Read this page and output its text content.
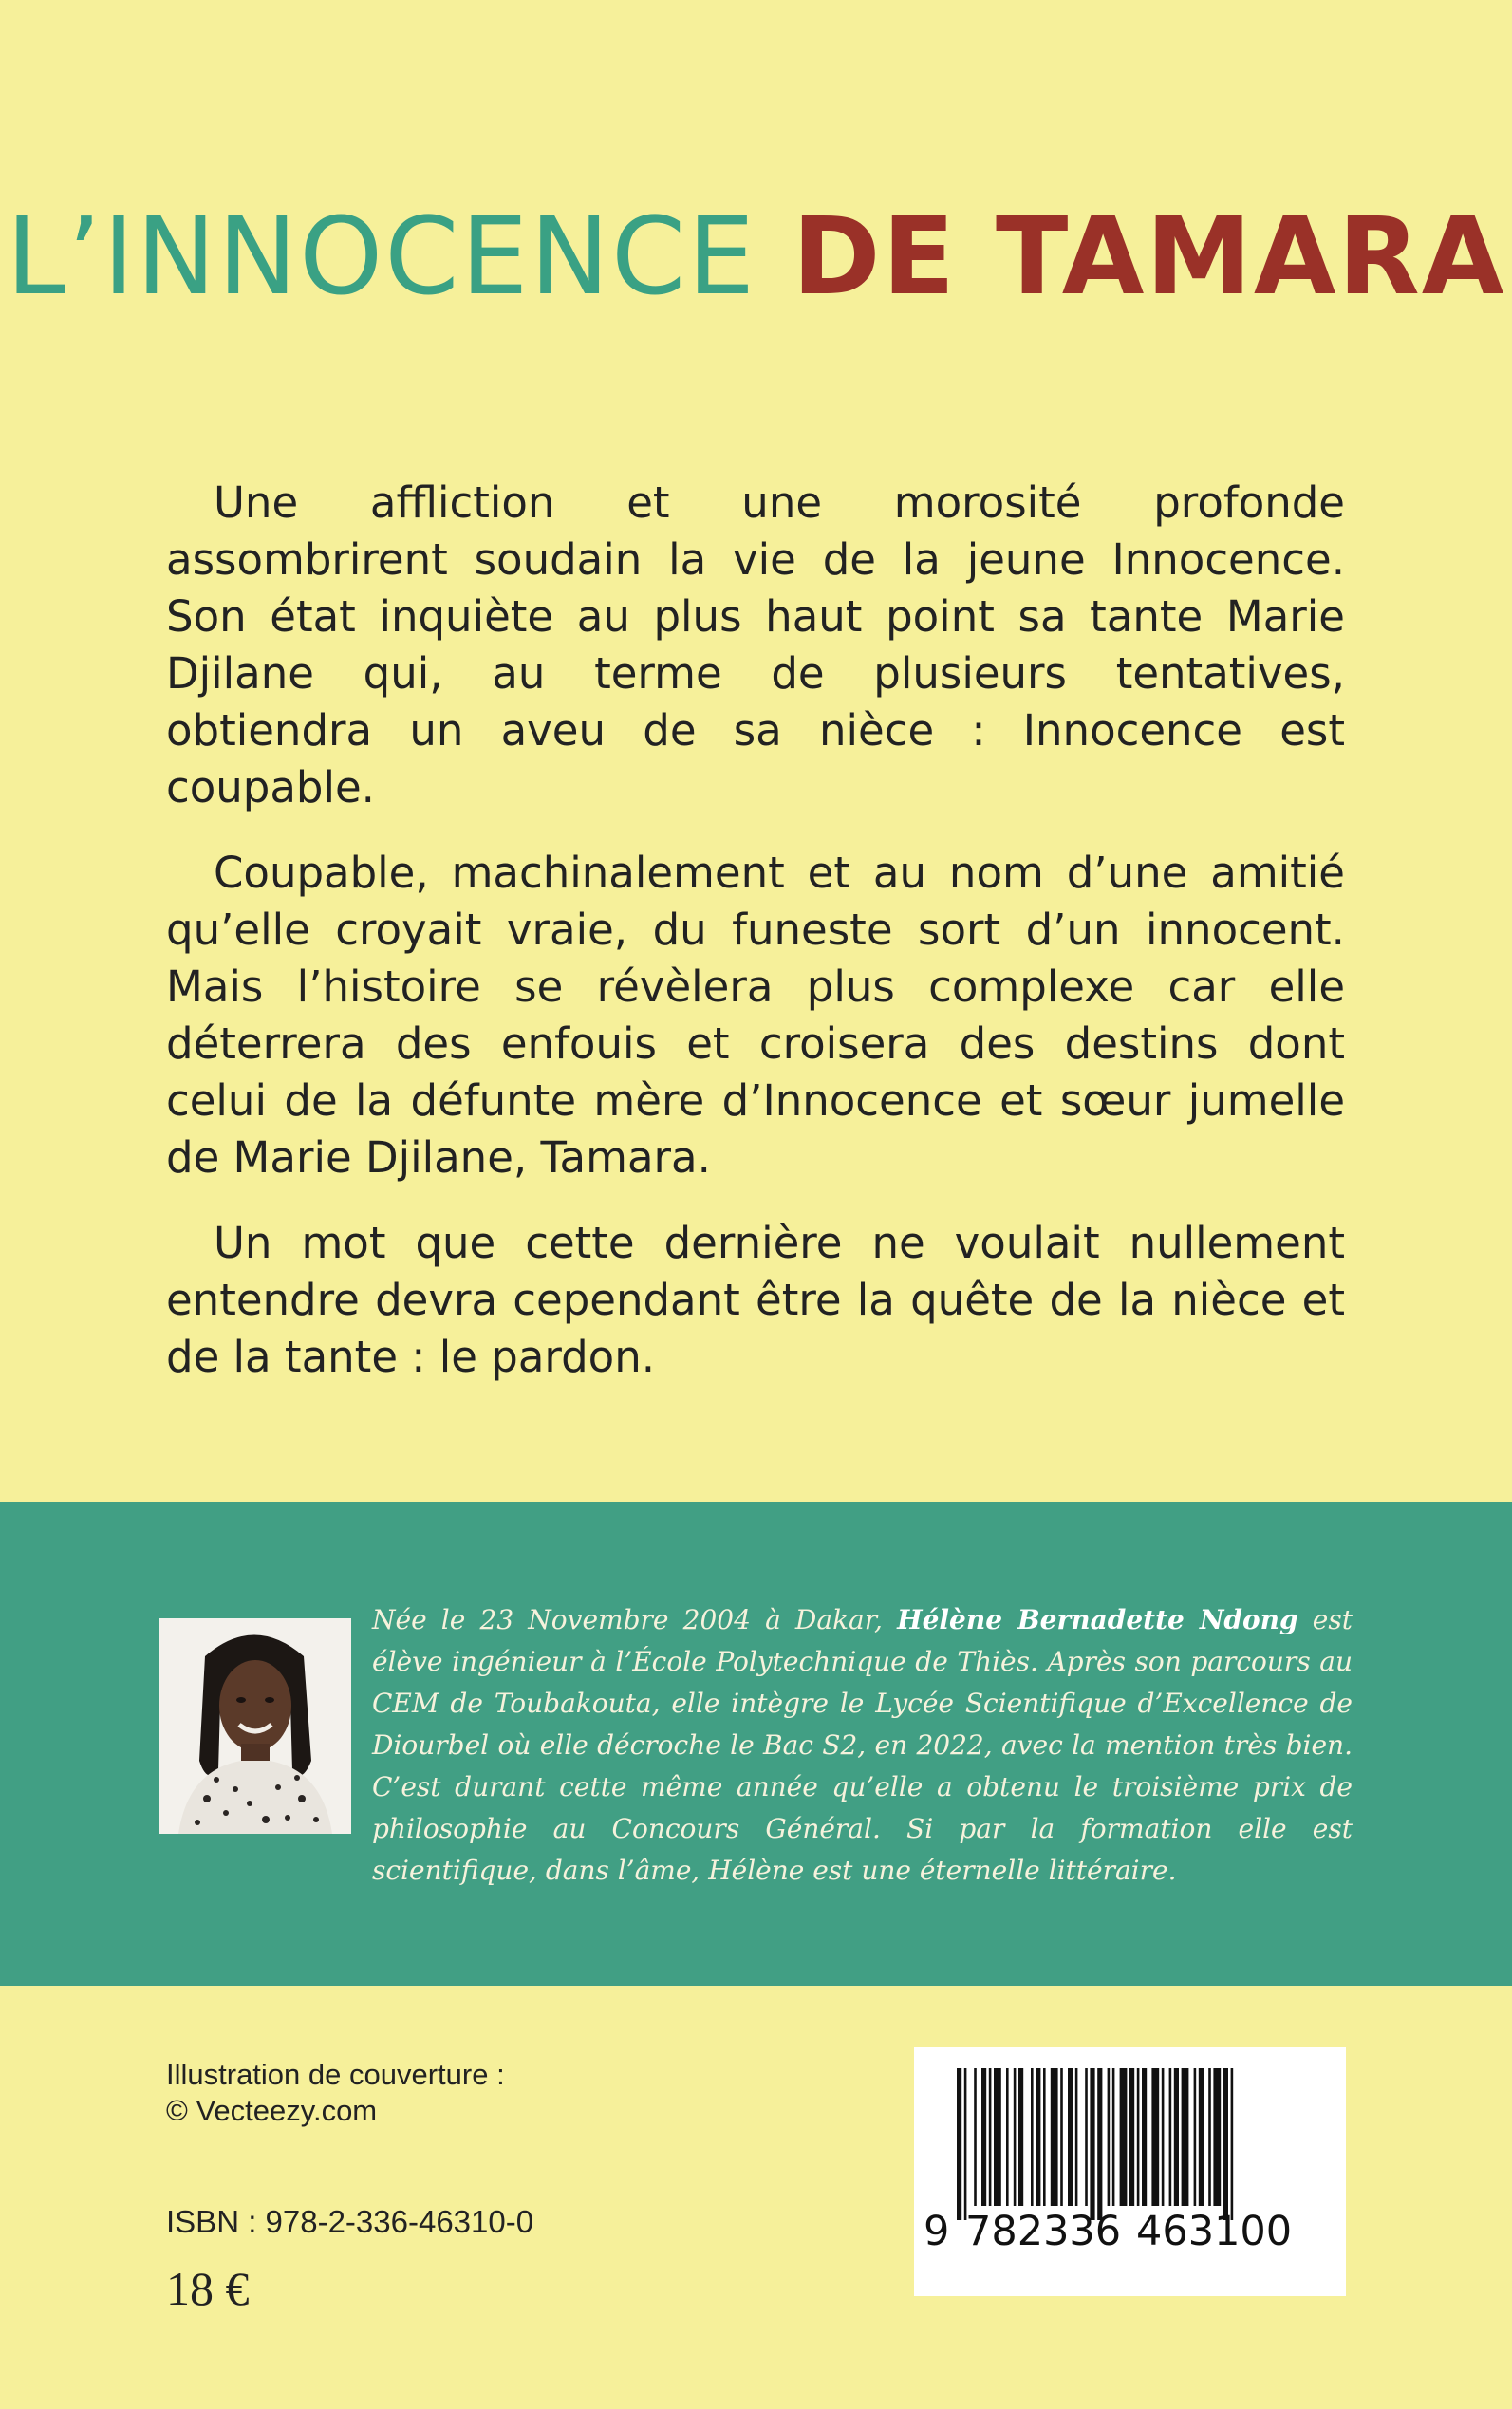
L’INNOCENCE DE TAMARA

Une affliction et une morosité profonde assombrirent soudain la vie de la jeune Innocence. Son état inquiète au plus haut point sa tante Marie Djilane qui, au terme de plusieurs tentatives, obtiendra un aveu de sa nièce : Innocence est coupable.

Coupable, machinalement et au nom d’une amitié qu’elle croyait vraie, du funeste sort d’un innocent. Mais l’histoire se révèlera plus complexe car elle déterrera des enfouis et croisera des destins dont celui de la défunte mère d’Innocence et sœur jumelle de Marie Djilane, Tamara.

Un mot que cette dernière ne voulait nullement entendre devra cependant être la quête de la nièce et de la tante : le pardon.

Née le 23 Novembre 2004 à Dakar, Hélène Bernadette Ndong est élève ingénieur à l’École Polytechnique de Thiès. Après son parcours au CEM de Toubakouta, elle intègre le Lycée Scientifique d’Excellence de Diourbel où elle décroche le Bac S2, en 2022, avec la mention très bien. C’est durant cette même année qu’elle a obtenu le troisième prix de philosophie au Concours Général. Si par la formation elle est scientifique, dans l’âme, Hélène est une éternelle littéraire.
Illustration de couverture :
© Vecteezy.com
ISBN : 978-2-336-46310-0
18 €
9 782336 463100
